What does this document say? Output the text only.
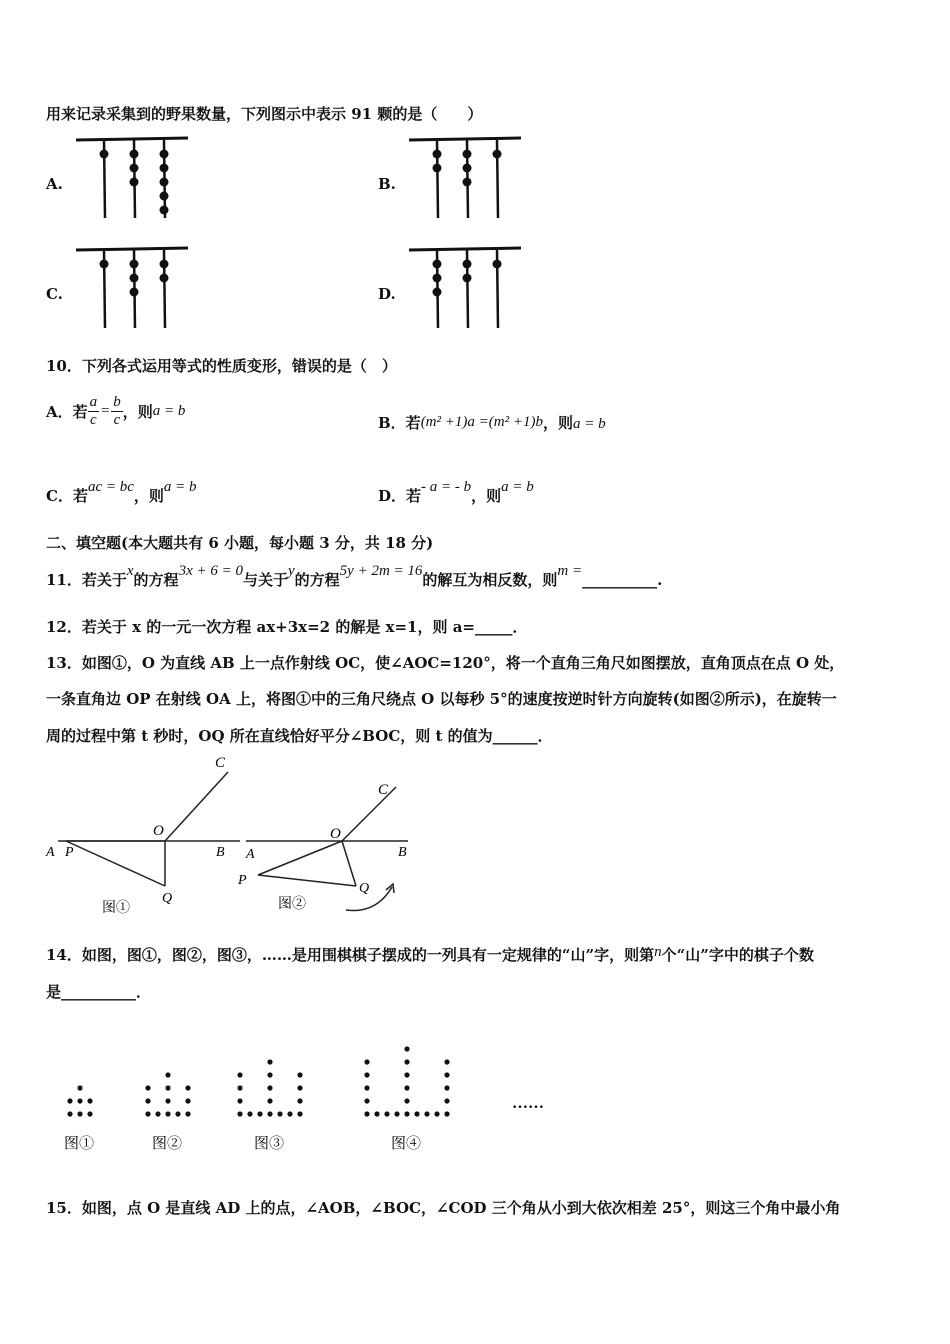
用来记录采集到的野果数量，下列图示中表示 91 颗的是（　　）
A.	B.
C.	D.
10．下列各式运用等式的性质变形，错误的是（　）
A．若 $\frac{a}{c} = \frac{b}{c}$ ，则 a = b
B．若(m² +1)a =(m² +1)b，则a = b
C．若ac = bc，则a = b	D．若- a = - b，则a = b
二、填空题(本大题共有 6 小题，每小题 3 分，共 18 分)
11．若关于x的方程3x + 6 = 0与关于y的方程5y + 2m = 16的解互为相反数，则m =__________.
12．若关于 x 的一元一次方程 ax+3x=2 的解是 x=1，则 a=_____．
13．如图①，O 为直线 AB 上一点作射线 OC，使∠AOC=120°，将一个直角三角尺如图摆放，直角顶点在点 O 处，
一条直角边 OP 在射线 OA 上，将图①中的三角尺绕点 O 以每秒 5°的速度按逆时针方向旋转(如图②所示)，在旋转一
周的过程中第 t 秒时，OQ 所在直线恰好平分∠BOC，则 t 的值为______．
C
O
A P	B
Q
图①
C
O
A
P
B
Q
图②
14．如图，图①，图②，图③，……是用围棋棋子摆成的一列具有一定规律的“山”字，则第n个“山”字中的棋子个数
是__________．
图①	图②	图③	图④
……
15．如图，点 O 是直线 AD 上的点，∠AOB，∠BOC，∠COD 三个角从小到大依次相差 25°，则这三个角中最小角
